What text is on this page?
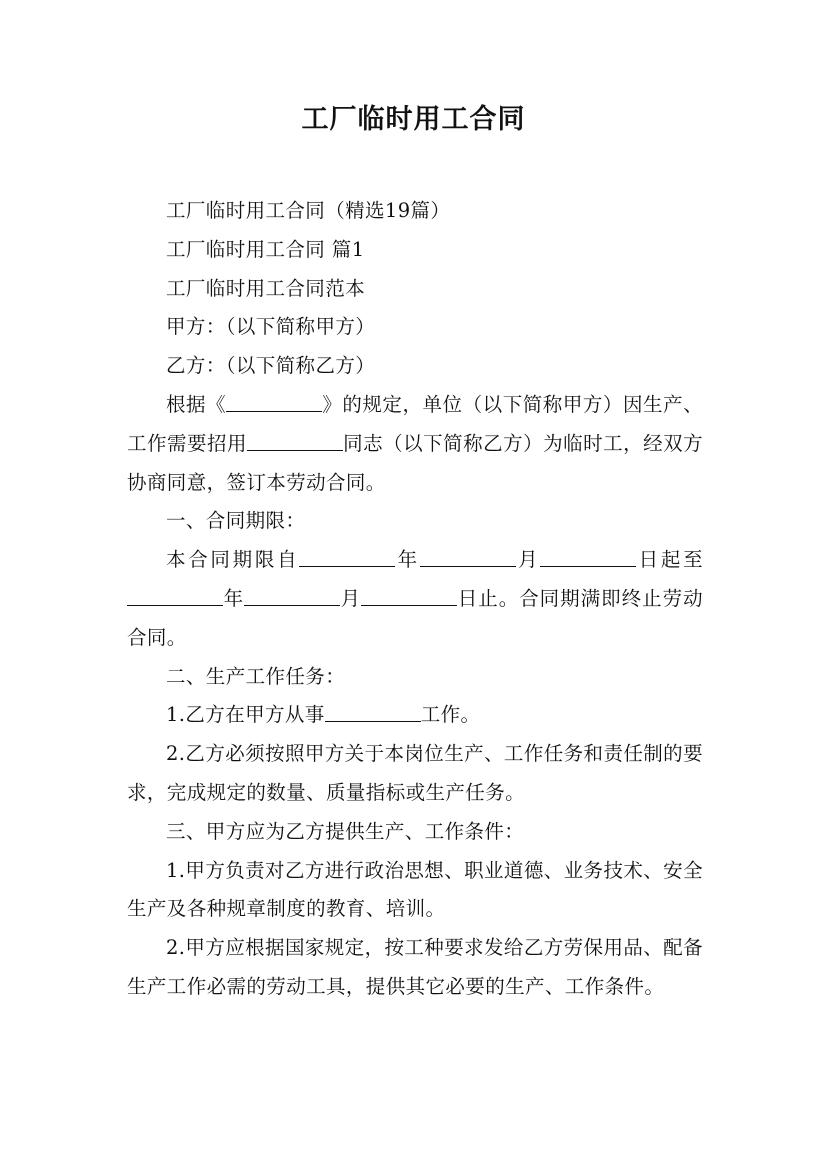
工厂临时用工合同

工厂临时用工合同（精选19篇）

工厂临时用工合同 篇1

工厂临时用工合同范本

甲方：（以下简称甲方）

乙方：（以下简称乙方）

根据《	》的规定，单位（以下简称甲方）因生产、工作需要招用	同志（以下简称乙方）为临时工，经双方协商同意，签订本劳动合同。

一、合同期限：

本合同期限自	年	月	日起至年	月	日止。合同期满即终止劳动合同。

二、生产工作任务：

1.乙方在甲方从事	工作。

2.乙方必须按照甲方关于本岗位生产、工作任务和责任制的要求，完成规定的数量、质量指标或生产任务。

三、甲方应为乙方提供生产、工作条件：

1.甲方负责对乙方进行政治思想、职业道德、业务技术、安全生产及各种规章制度的教育、培训。

2.甲方应根据国家规定，按工种要求发给乙方劳保用品、配备生产工作必需的劳动工具，提供其它必要的生产、工作条件。
